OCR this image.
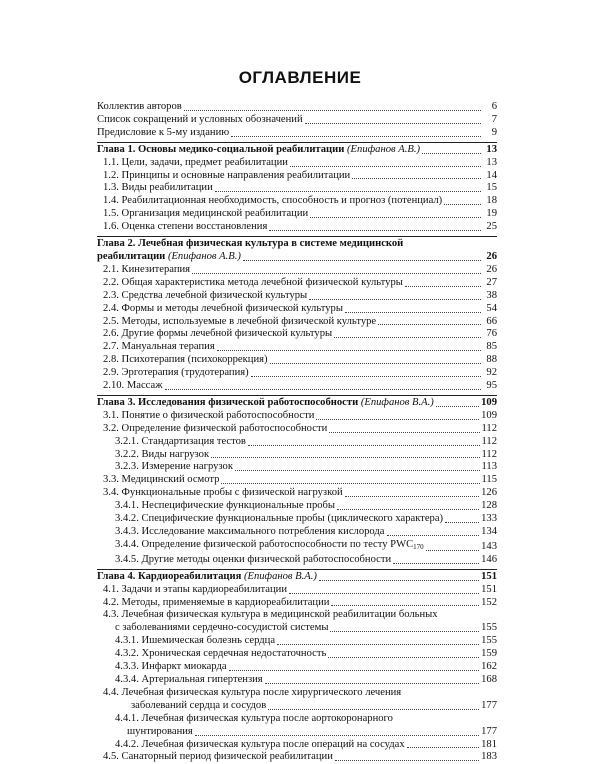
ОГЛАВЛЕНИЕ
Коллектив авторов	6
Список сокращений и условных обозначений	7
Предисловие к 5-му изданию	9
Глава 1. Основы медико-социальной реабилитации (Епифанов А.В.)	13
1.1. Цели, задачи, предмет реабилитации	13
1.2. Принципы и основные направления реабилитации	14
1.3. Виды реабилитации	15
1.4. Реабилитационная необходимость, способность и прогноз (потенциал)	18
1.5. Организация медицинской реабилитации	19
1.6. Оценка степени восстановления	25
Глава 2. Лечебная физическая культура в системе медицинской
реабилитации (Епифанов А.В.)	26
2.1. Кинезитерапия	26
2.2. Общая характеристика метода лечебной физической культуры	27
2.3. Средства лечебной физической культуры	38
2.4. Формы и методы лечебной физической культуры	54
2.5. Методы, используемые в лечебной физической культуре	66
2.6. Другие формы лечебной физической культуры	76
2.7. Мануальная терапия	85
2.8. Психотерапия (психокоррекция)	88
2.9. Эрготерапия (трудотерапия)	92
2.10. Массаж	95
Глава 3. Исследования физической работоспособности (Епифанов В.А.)	109
3.1. Понятие о физической работоспособности	109
3.2. Определение физической работоспособности	112
3.2.1. Стандартизация тестов	112
3.2.2. Виды нагрузок	112
3.2.3. Измерение нагрузок	113
3.3. Медицинский осмотр	115
3.4. Функциональные пробы с физической нагрузкой	126
3.4.1. Неспецифические функциональные пробы	128
3.4.2. Специфические функциональные пробы (циклического характера)	133
3.4.3. Исследование максимального потребления кислорода	134
3.4.4. Определение физической работоспособности по тесту $PWC_{170}$	143
3.4.5. Другие методы оценки физической работоспособности	146
Глава 4. Кардиореабилитация (Епифанов В.А.)	151
4.1. Задачи и этапы кардиореабилитации	151
4.2. Методы, применяемые в кардиореабилитации	152
4.3. Лечебная физическая культура в медицинской реабилитации больных
с заболеваниями сердечно-сосудистой системы	155
4.3.1. Ишемическая болезнь сердца	155
4.3.2. Хроническая сердечная недостаточность	159
4.3.3. Инфаркт миокарда	162
4.3.4. Артериальная гипертензия	168
4.4. Лечебная физическая культура после хирургического лечения
заболеваний сердца и сосудов	177
4.4.1. Лечебная физическая культура после аортокоронарного
шунтирования	177
4.4.2. Лечебная физическая культура после операций на сосудах	181
4.5. Санаторный период физической реабилитации	183
